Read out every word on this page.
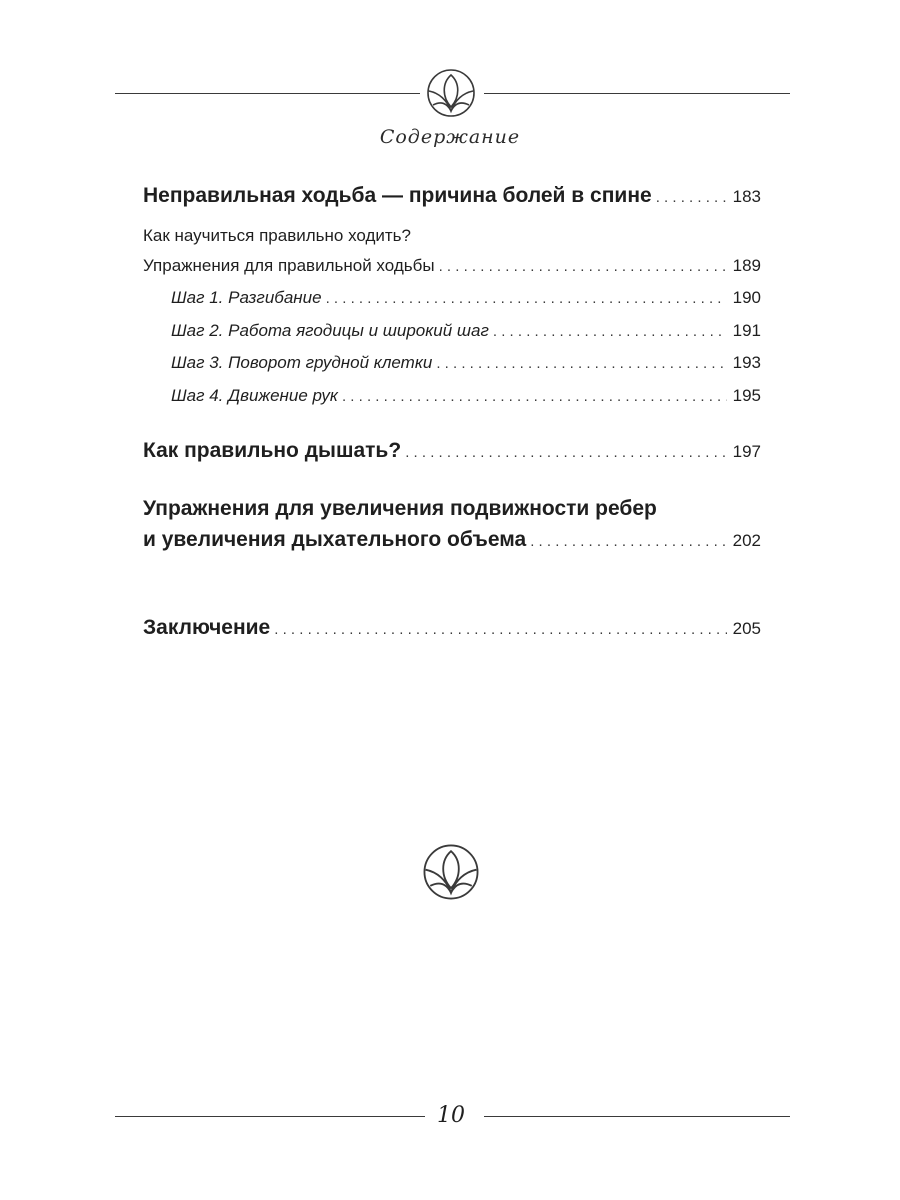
Содержание
Неправильная ходьба — причина болей в спине . . .	183
Как научиться правильно ходить?
Упражнения для правильной ходьбы . . .	189
Шаг 1. Разгибание . . .	190
Шаг 2. Работа ягодицы и широкий шаг . . .	191
Шаг 3. Поворот грудной клетки . . .	193
Шаг 4. Движение рук . . .	195
Как правильно дышать? . . .	197
Упражнения для увеличения подвижности ребер
и увеличения дыхательного объема . . .	202
Заключение . . .	205
10
